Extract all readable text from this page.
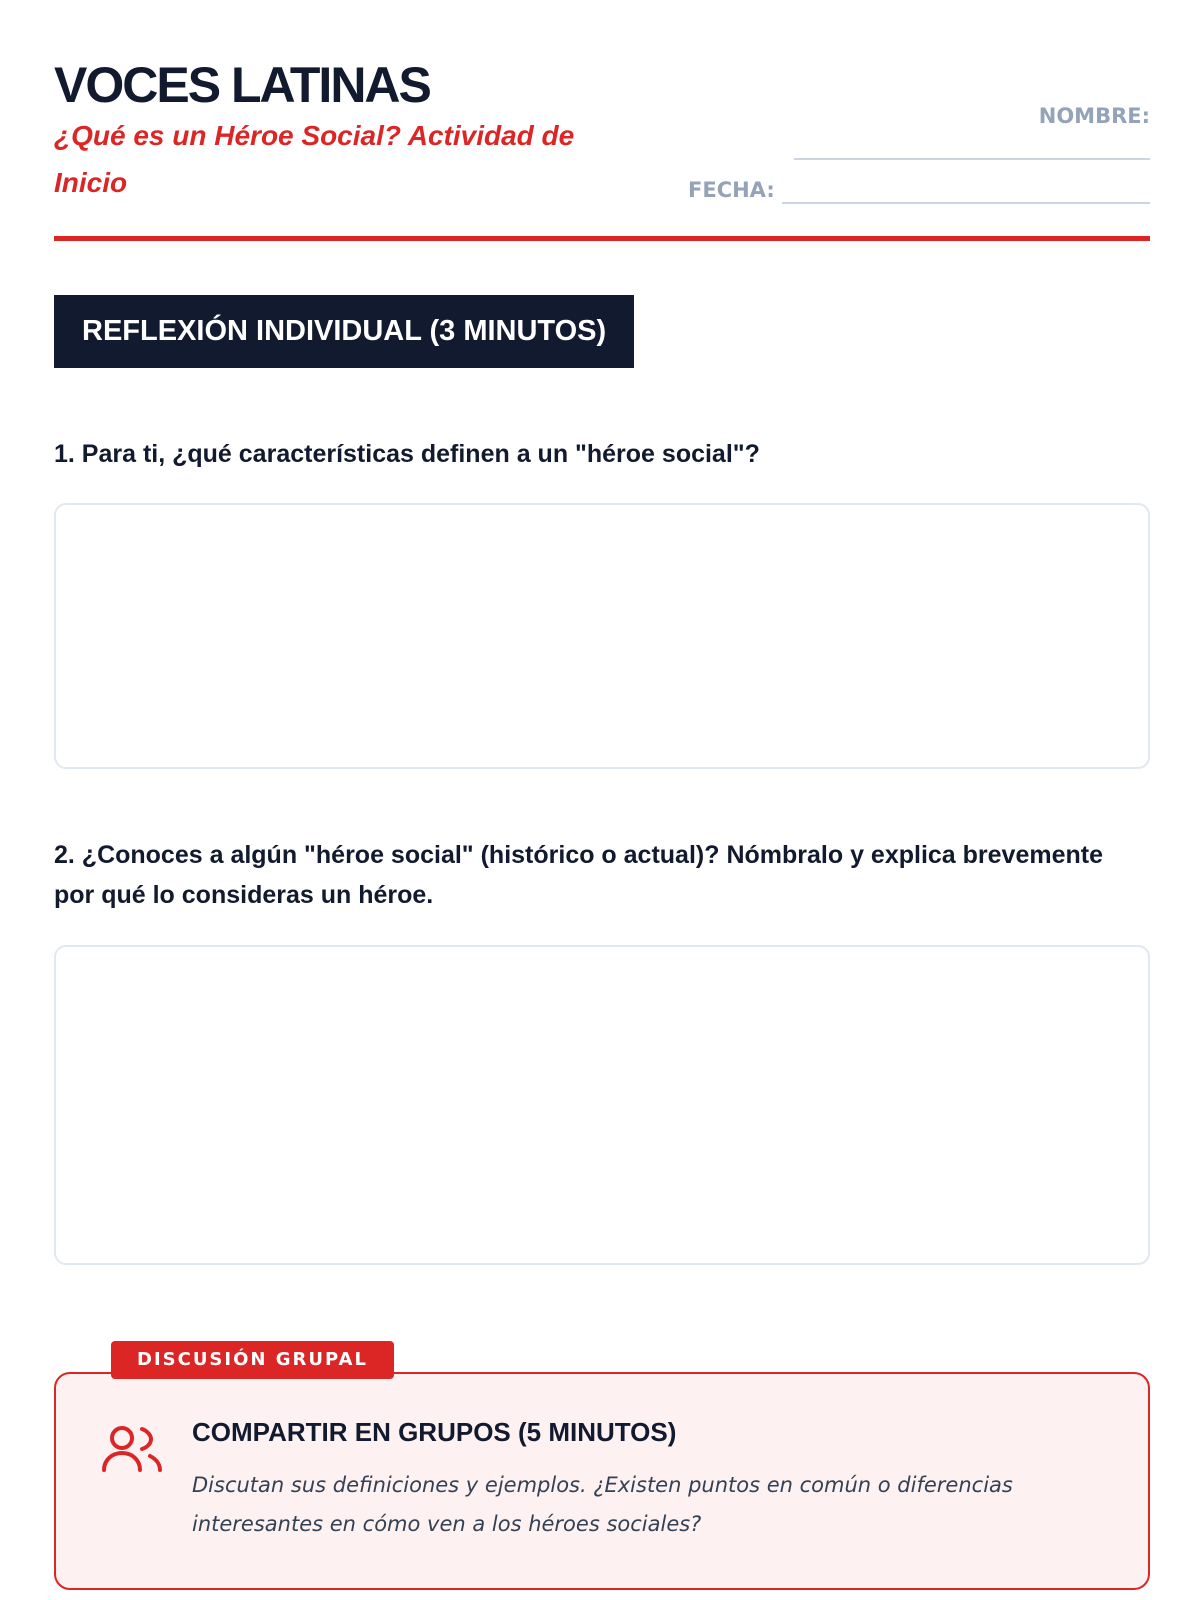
VOCES LATINAS
¿Qué es un Héroe Social? Actividad de Inicio
NOMBRE:
FECHA:
REFLEXIÓN INDIVIDUAL (3 MINUTOS)

1. Para ti, ¿qué características definen a un "héroe social"?

2. ¿Conoces a algún "héroe social" (histórico o actual)? Nómbralo y explica brevemente por qué lo consideras un héroe.

DISCUSIÓN GRUPAL
COMPARTIR EN GRUPOS (5 MINUTOS)

Discutan sus definiciones y ejemplos. ¿Existen puntos en común o diferencias interesantes en cómo ven a los héroes sociales?
